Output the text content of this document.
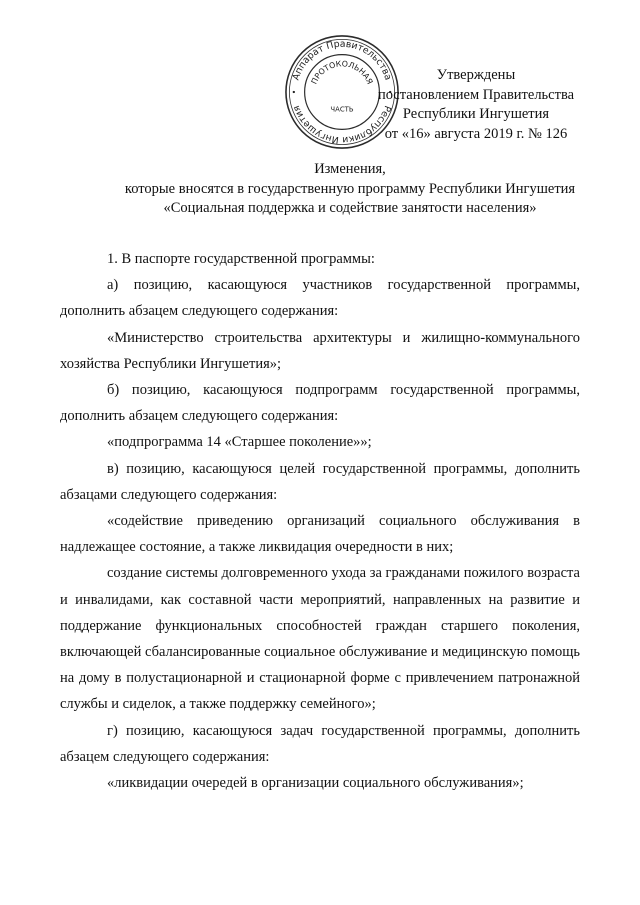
Аппарат Правительства
Республики Ингушетия
ПРОТОКОЛЬНАЯ
ЧАСТЬ
Утверждены
постановлением Правительства
Республики Ингушетия
от «16» августа 2019 г. № 126
Изменения,
которые вносятся в государственную программу Республики Ингушетия
«Социальная поддержка и содействие занятости населения»

1. В паспорте государственной программы:

а) позицию, касающуюся участников государственной программы, дополнить абзацем следующего содержания:

«Министерство строительства архитектуры и жилищно-коммунального хозяйства Республики Ингушетия»;

б) позицию, касающуюся подпрограмм государственной программы, дополнить абзацем следующего содержания:

«подпрограмма 14 «Старшее поколение»»;

в) позицию, касающуюся целей государственной программы, дополнить абзацами следующего содержания:

«содействие приведению организаций социального обслуживания в надлежащее состояние, а также ликвидация очередности в них;

создание системы долговременного ухода за гражданами пожилого возраста и инвалидами, как составной части мероприятий, направленных на развитие и поддержание функциональных способностей граждан старшего поколения, включающей сбалансированные социальное обслуживание и медицинскую помощь на дому в полустационарной и стационарной форме с привлечением патронажной службы и сиделок, а также поддержку семейного»;

г) позицию, касающуюся задач государственной программы, дополнить абзацем следующего содержания:

«ликвидации очередей в организации социального обслуживания»;
